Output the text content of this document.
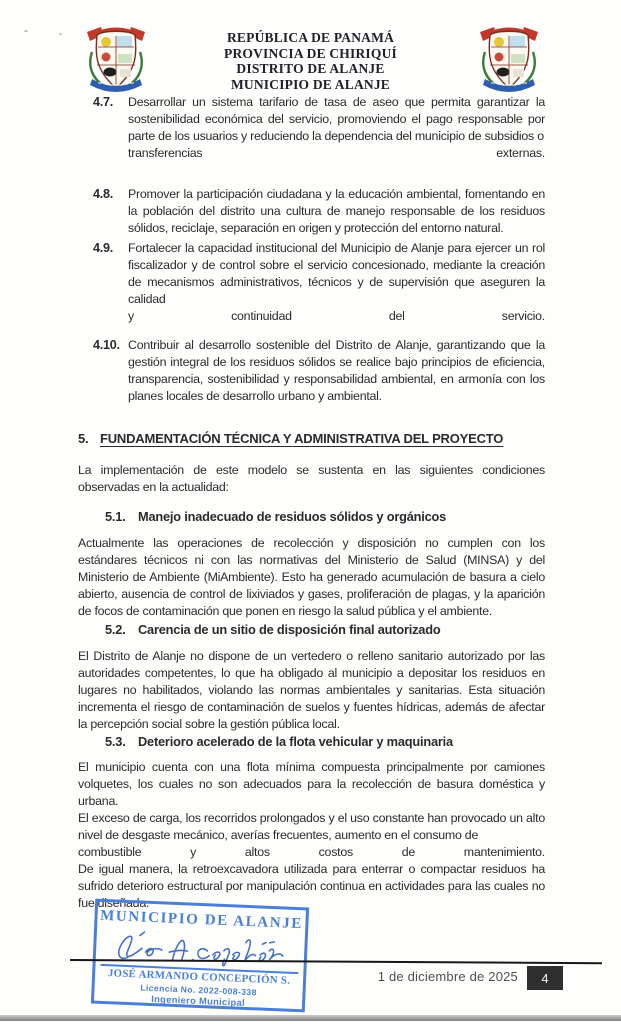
REPÚBLICA DE PANAMÁ
PROVINCIA DE CHIRIQUÍ
DISTRITO DE ALANJE
MUNICIPIO DE ALANJE
4.7.	Desarrollar un sistema tarifario de tasa de aseo que permita garantizar la sostenibilidad económica del servicio, promoviendo el pago responsable por parte de los usuarios y reduciendo la dependencia del municipio de subsidios o
transferencias externas.
4.8.	Promover la participación ciudadana y la educación ambiental, fomentando en la población del distrito una cultura de manejo responsable de los residuos sólidos, reciclaje, separación en origen y protección del entorno natural.
4.9.	Fortalecer la capacidad institucional del Municipio de Alanje para ejercer un rol fiscalizador y de control sobre el servicio concesionado, mediante la creación de mecanismos administrativos, técnicos y de supervisión que aseguren la calidad
y continuidad del servicio.
4.10. Contribuir al desarrollo sostenible del Distrito de Alanje, garantizando que la gestión integral de los residuos sólidos se realice bajo principios de eficiencia, transparencia, sostenibilidad y responsabilidad ambiental, en armonía con los planes locales de desarrollo urbano y ambiental.
5. FUNDAMENTACIÓN TÉCNICA Y ADMINISTRATIVA DEL PROYECTO
La implementación de este modelo se sustenta en las siguientes condiciones observadas en la actualidad:
5.1. Manejo inadecuado de residuos sólidos y orgánicos
Actualmente las operaciones de recolección y disposición no cumplen con los estándares técnicos ni con las normativas del Ministerio de Salud (MINSA) y del Ministerio de Ambiente (MiAmbiente). Esto ha generado acumulación de basura a cielo abierto, ausencia de control de lixiviados y gases, proliferación de plagas, y la aparición de focos de contaminación que ponen en riesgo la salud pública y el ambiente.
5.2. Carencia de un sitio de disposición final autorizado
El Distrito de Alanje no dispone de un vertedero o relleno sanitario autorizado por las autoridades competentes, lo que ha obligado al municipio a depositar los residuos en lugares no habilitados, violando las normas ambientales y sanitarias. Esta situación incrementa el riesgo de contaminación de suelos y fuentes hídricas, además de afectar la percepción social sobre la gestión pública local.
5.3. Deterioro acelerado de la flota vehicular y maquinaria
El municipio cuenta con una flota mínima compuesta principalmente por camiones volquetes, los cuales no son adecuados para la recolección de basura doméstica y urbana.
El exceso de carga, los recorridos prolongados y el uso constante han provocado un alto nivel de desgaste mecánico, averías frecuentes, aumento en el consumo de
combustible y altos costos de mantenimiento.
De igual manera, la retroexcavadora utilizada para enterrar o compactar residuos ha sufrido deterioro estructural por manipulación continua en actividades para las cuales no fue diseñada.
MUNICIPIO DE ALANJE
JOSÉ ARMANDO CONCEPCIÓN S.
Licencia No. 2022-008-338
Ingeniero Municipal
1 de diciembre de 2025	4
